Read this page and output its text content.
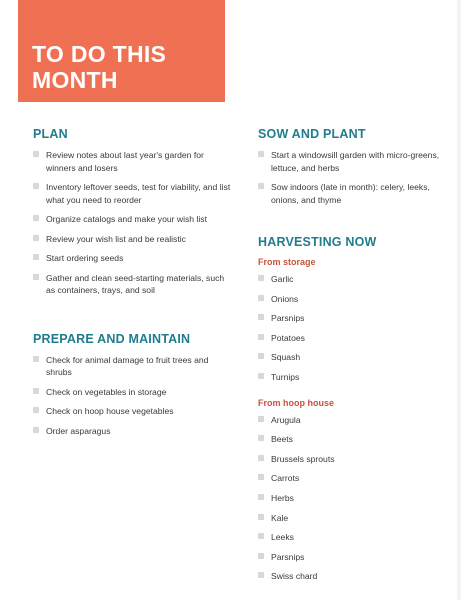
TO DO THIS
MONTH
PLAN
Review notes about last year's garden for winners and losers
Inventory leftover seeds, test for viability, and list what you need to reorder
Organize catalogs and make your wish list
Review your wish list and be realistic
Start ordering seeds
Gather and clean seed-starting materials, such as containers, trays, and soil
PREPARE AND MAINTAIN
Check for animal damage to fruit trees and shrubs
Check on vegetables in storage
Check on hoop house vegetables
Order asparagus
SOW AND PLANT
Start a windowsill garden with micro-greens, lettuce, and herbs
Sow indoors (late in month): celery, leeks, onions, and thyme
HARVESTING NOW
From storage
Garlic
Onions
Parsnips
Potatoes
Squash
Turnips
From hoop house
Arugula
Beets
Brussels sprouts
Carrots
Herbs
Kale
Leeks
Parsnips
Swiss chard
